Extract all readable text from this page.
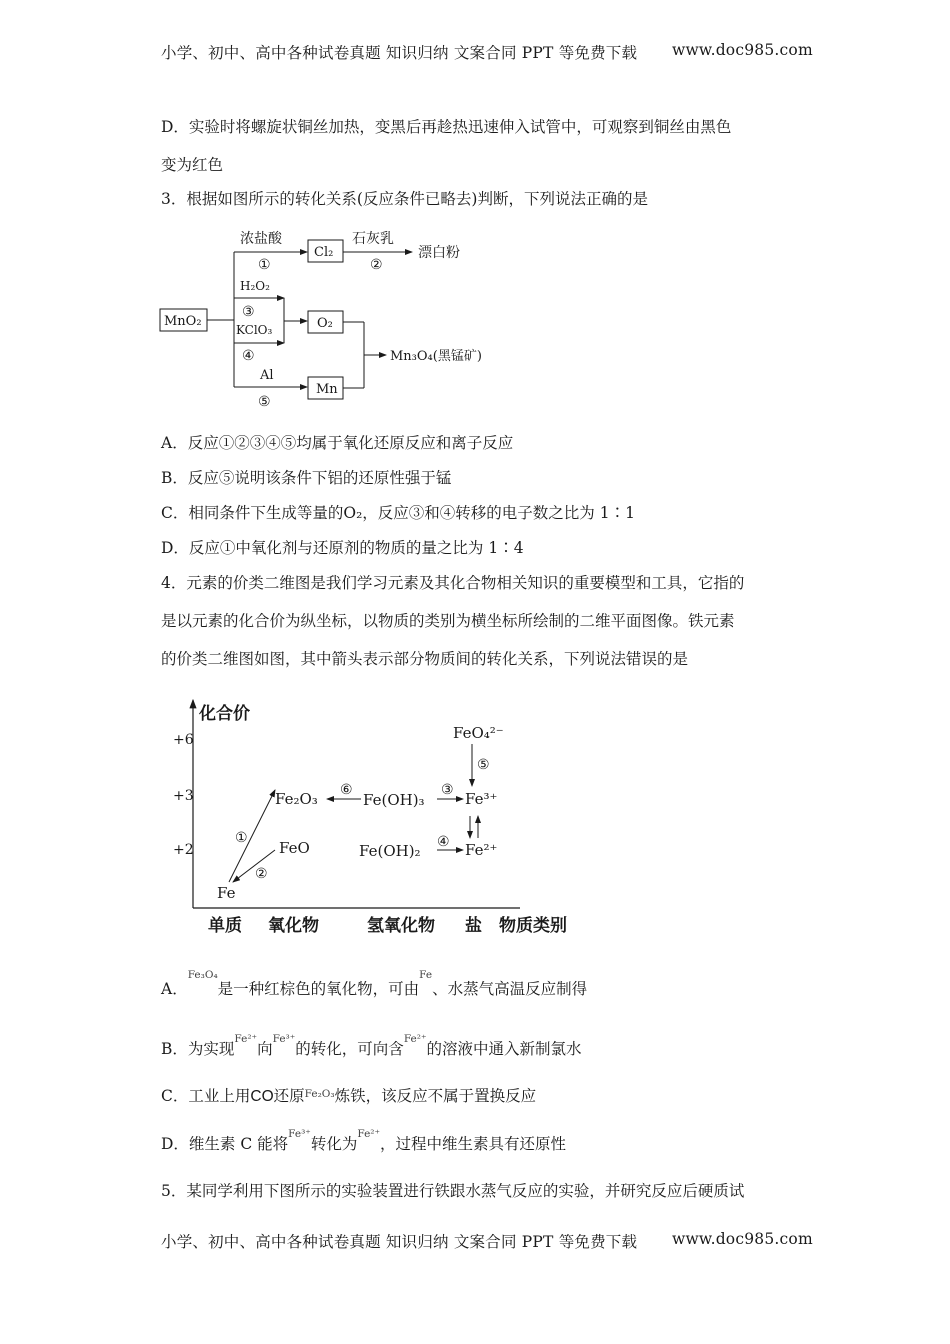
小学、初中、高中各种试卷真题 知识归纳 文案合同 PPT 等免费下载 www.doc985.com
D．实验时将螺旋状铜丝加热，变黑后再趁热迅速伸入试管中，可观察到铜丝由黑色
变为红色
3．根据如图所示的转化关系(反应条件已略去)判断，下列说法正确的是
MnO₂
浓盐酸
①
Cl₂
石灰乳
②
漂白粉
H₂O₂
③
KClO₃
④
O₂
Al
⑤
Mn
Mn₃O₄(黑锰矿)
A．反应①②③④⑤均属于氧化还原反应和离子反应
B．反应⑤说明该条件下铝的还原性强于锰
C．相同条件下生成等量的O₂，反应③和④转移的电子数之比为 1∶1
D．反应①中氧化剂与还原剂的物质的量之比为 1∶4
4．元素的价类二维图是我们学习元素及其化合物相关知识的重要模型和工具，它指的
是以元素的化合价为纵坐标，以物质的类别为横坐标所绘制的二维平面图像。铁元素
的价类二维图如图，其中箭头表示部分物质间的转化关系，下列说法错误的是
化合价
+6
+3
+2
单质 氧化物	氢氧化物 盐 物质类别
Fe
FeO
Fe₂O₃	Fe(OH)₃
Fe(OH)₂
Fe³⁺
Fe²⁺
FeO₄²⁻
①
②
⑥	③
④
⑤
A．$^{Fe_3O_4}$是一种红棕色的氧化物，可由$^{Fe}$、水蒸气高温反应制得
B．为实现$^{Fe^{2+}}$向$^{Fe^{3+}}$的转化，可向含$^{Fe^{2+}}$的溶液中通入新制氯水
C．工业上用CO还原$^{Fe_2O_3}$炼铁，该反应不属于置换反应
D．维生素 C 能将$^{Fe^{3+}}$转化为$^{Fe^{2+}}$，过程中维生素具有还原性
5．某同学利用下图所示的实验装置进行铁跟水蒸气反应的实验，并研究反应后硬质试
小学、初中、高中各种试卷真题 知识归纳 文案合同 PPT 等免费下载 www.doc985.com
